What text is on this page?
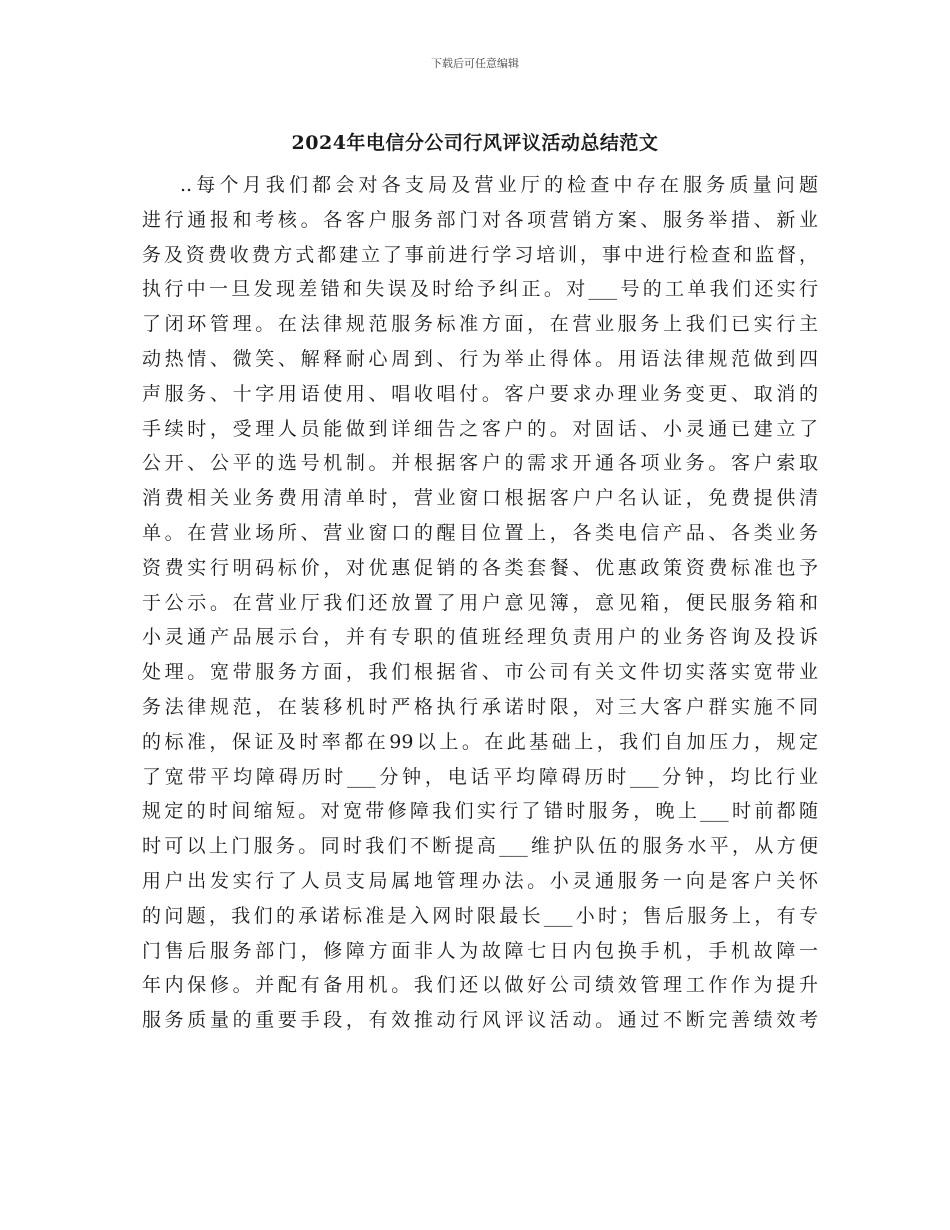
下载后可任意编辑
2024年电信分公司行风评议活动总结范文
..每个月我们都会对各支局及营业厅的检查中存在服务质量问题
进行通报和考核。各客户服务部门对各项营销方案、服务举措、新业
务及资费收费方式都建立了事前进行学习培训，事中进行检查和监督，
执行中一旦发现差错和失误及时给予纠正。对___号的工单我们还实行
了闭环管理。在法律规范服务标准方面，在营业服务上我们已实行主
动热情、微笑、解释耐心周到、行为举止得体。用语法律规范做到四
声服务、十字用语使用、唱收唱付。客户要求办理业务变更、取消的
手续时，受理人员能做到详细告之客户的。对固话、小灵通已建立了
公开、公平的选号机制。并根据客户的需求开通各项业务。客户索取
消费相关业务费用清单时，营业窗口根据客户户名认证，免费提供清
单。在营业场所、营业窗口的醒目位置上，各类电信产品、各类业务
资费实行明码标价，对优惠促销的各类套餐、优惠政策资费标准也予
于公示。在营业厅我们还放置了用户意见簿，意见箱，便民服务箱和
小灵通产品展示台，并有专职的值班经理负责用户的业务咨询及投诉
处理。宽带服务方面，我们根据省、市公司有关文件切实落实宽带业
务法律规范，在装移机时严格执行承诺时限，对三大客户群实施不同
的标准，保证及时率都在99以上。在此基础上，我们自加压力，规定
了宽带平均障碍历时___分钟，电话平均障碍历时___分钟，均比行业
规定的时间缩短。对宽带修障我们实行了错时服务，晚上___时前都随
时可以上门服务。同时我们不断提高___维护队伍的服务水平，从方便
用户出发实行了人员支局属地管理办法。小灵通服务一向是客户关怀
的问题，我们的承诺标准是入网时限最长___小时；售后服务上，有专
门售后服务部门，修障方面非人为故障七日内包换手机，手机故障一
年内保修。并配有备用机。我们还以做好公司绩效管理工作作为提升
服务质量的重要手段，有效推动行风评议活动。通过不断完善绩效考
